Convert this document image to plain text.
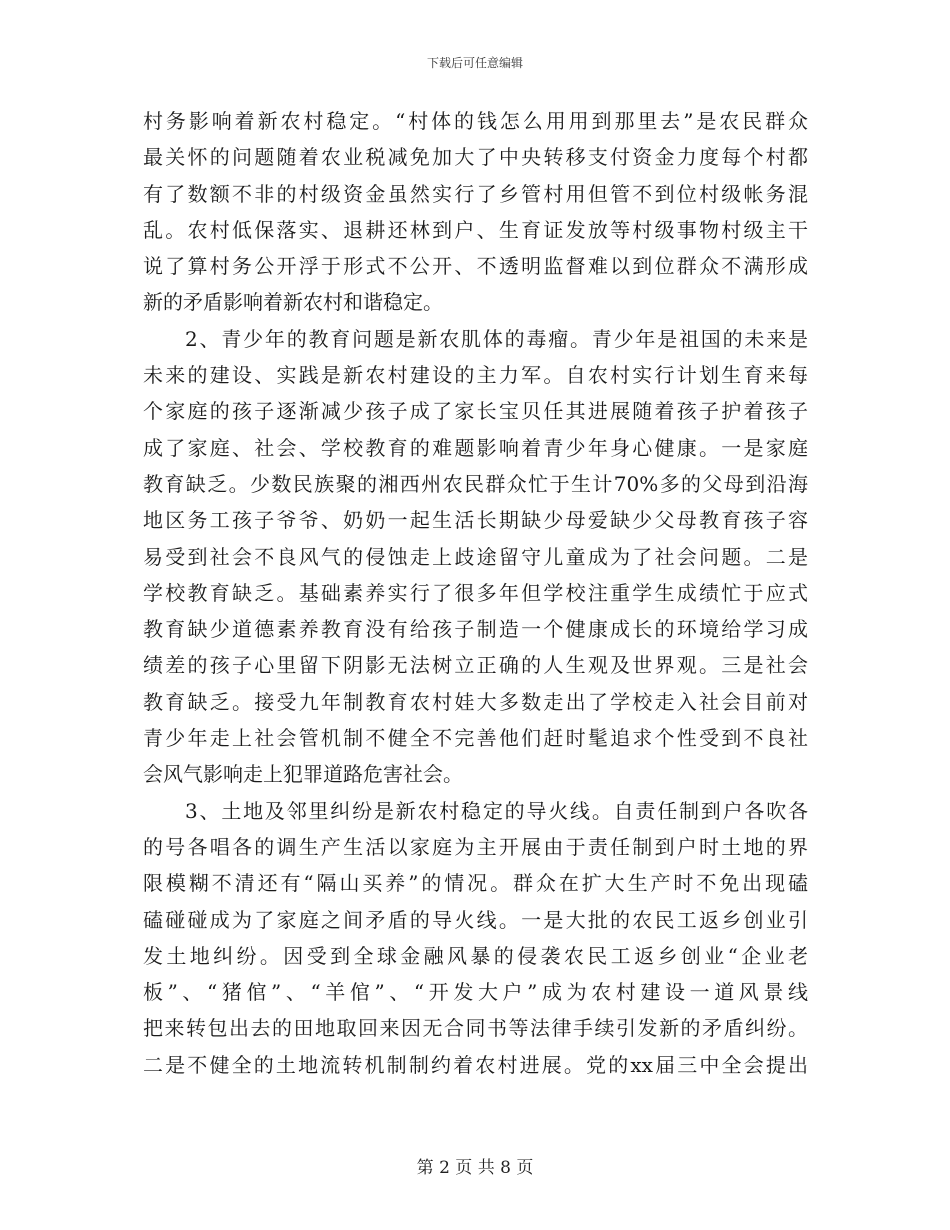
下载后可任意编辑
村务影响着新农村稳定。“村体的钱怎么用用到那里去”是农民群众
最关怀的问题随着农业税减免加大了中央转移支付资金力度每个村都
有了数额不非的村级资金虽然实行了乡管村用但管不到位村级帐务混
乱。农村低保落实、退耕还林到户、生育证发放等村级事物村级主干
说了算村务公开浮于形式不公开、不透明监督难以到位群众不满形成
新的矛盾影响着新农村和谐稳定。
2、青少年的教育问题是新农肌体的毒瘤。青少年是祖国的未来是
未来的建设、实践是新农村建设的主力军。自农村实行计划生育来每
个家庭的孩子逐渐减少孩子成了家长宝贝任其进展随着孩子护着孩子
成了家庭、社会、学校教育的难题影响着青少年身心健康。一是家庭
教育缺乏。少数民族聚的湘西州农民群众忙于生计70%多的父母到沿海
地区务工孩子爷爷、奶奶一起生活长期缺少母爱缺少父母教育孩子容
易受到社会不良风气的侵蚀走上歧途留守儿童成为了社会问题。二是
学校教育缺乏。基础素养实行了很多年但学校注重学生成绩忙于应式
教育缺少道德素养教育没有给孩子制造一个健康成长的环境给学习成
绩差的孩子心里留下阴影无法树立正确的人生观及世界观。三是社会
教育缺乏。接受九年制教育农村娃大多数走出了学校走入社会目前对
青少年走上社会管机制不健全不完善他们赶时髦追求个性受到不良社
会风气影响走上犯罪道路危害社会。
3、土地及邻里纠纷是新农村稳定的导火线。自责任制到户各吹各
的号各唱各的调生产生活以家庭为主开展由于责任制到户时土地的界
限模糊不清还有“隔山买养”的情况。群众在扩大生产时不免出现磕
磕碰碰成为了家庭之间矛盾的导火线。一是大批的农民工返乡创业引
发土地纠纷。因受到全球金融风暴的侵袭农民工返乡创业“企业老
板”、“猪倌”、“羊倌”、“开发大户”成为农村建设一道风景线
把来转包出去的田地取回来因无合同书等法律手续引发新的矛盾纠纷。
二是不健全的土地流转机制制约着农村进展。党的xx届三中全会提出
第 2 页 共 8 页
